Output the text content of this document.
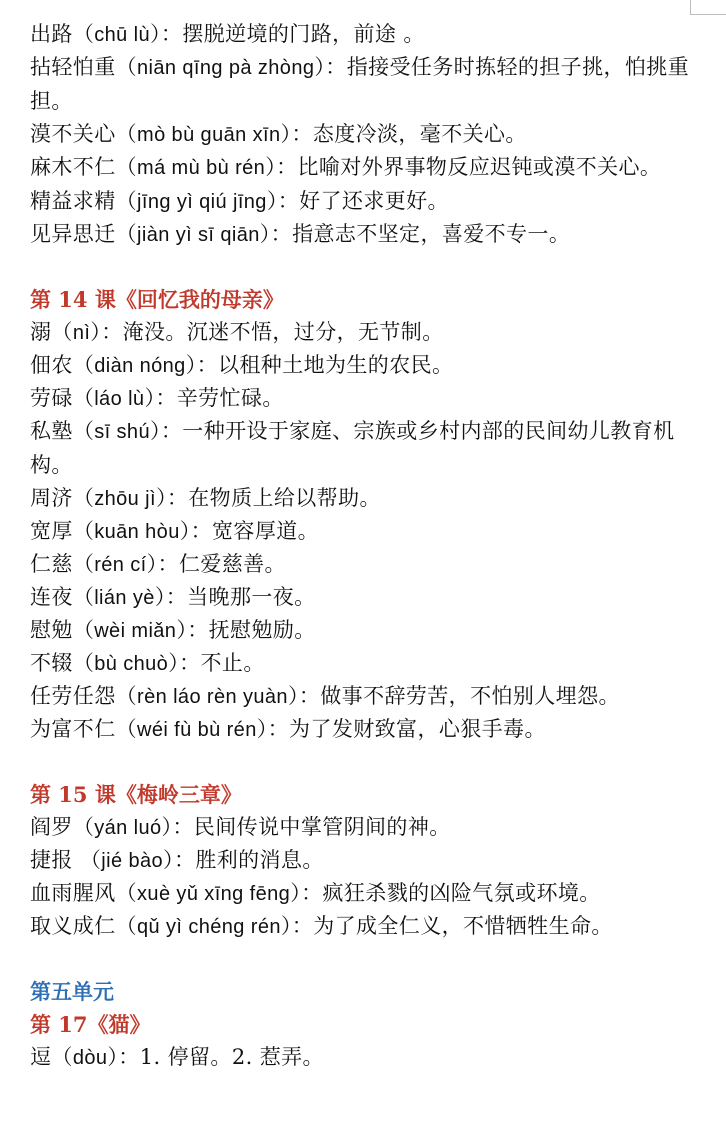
出路（chū lù）：摆脱逆境的门路，前途 。
拈轻怕重（niān qīng pà zhòng）：指接受任务时拣轻的担子挑，怕挑重担。
漠不关心（mò bù guān xīn）：态度冷淡，毫不关心。
麻木不仁（má mù bù rén）：比喻对外界事物反应迟钝或漠不关心。
精益求精（jīng yì qiú jīng）：好了还求更好。
见异思迁（jiàn yì sī qiān）：指意志不坚定，喜爱不专一。
第 14 课《回忆我的母亲》
溺（nì）：淹没。沉迷不悟，过分，无节制。
佃农（diàn nóng）：以租种土地为生的农民。
劳碌（láo lù）：辛劳忙碌。
私塾（sī shú）：一种开设于家庭、宗族或乡村内部的民间幼儿教育机构。
周济（zhōu jì）：在物质上给以帮助。
宽厚（kuān hòu）：宽容厚道。
仁慈（rén cí）：仁爱慈善。
连夜（lián yè）：当晚那一夜。
慰勉（wèi miǎn）：抚慰勉励。
不辍（bù chuò）：不止。
任劳任怨（rèn láo rèn yuàn）：做事不辞劳苦，不怕别人埋怨。
为富不仁（wéi fù bù rén）：为了发财致富，心狠手毒。
第 15 课《梅岭三章》
阎罗（yán luó）：民间传说中掌管阴间的神。
捷报 （jié bào）：胜利的消息。
血雨腥风（xuè yǔ xīng fēng）：疯狂杀戮的凶险气氛或环境。
取义成仁（qǔ yì chéng rén）：为了成全仁义，不惜牺牲生命。
第五单元
第 17《猫》
逗（dòu）：1. 停留。2. 惹弄。
